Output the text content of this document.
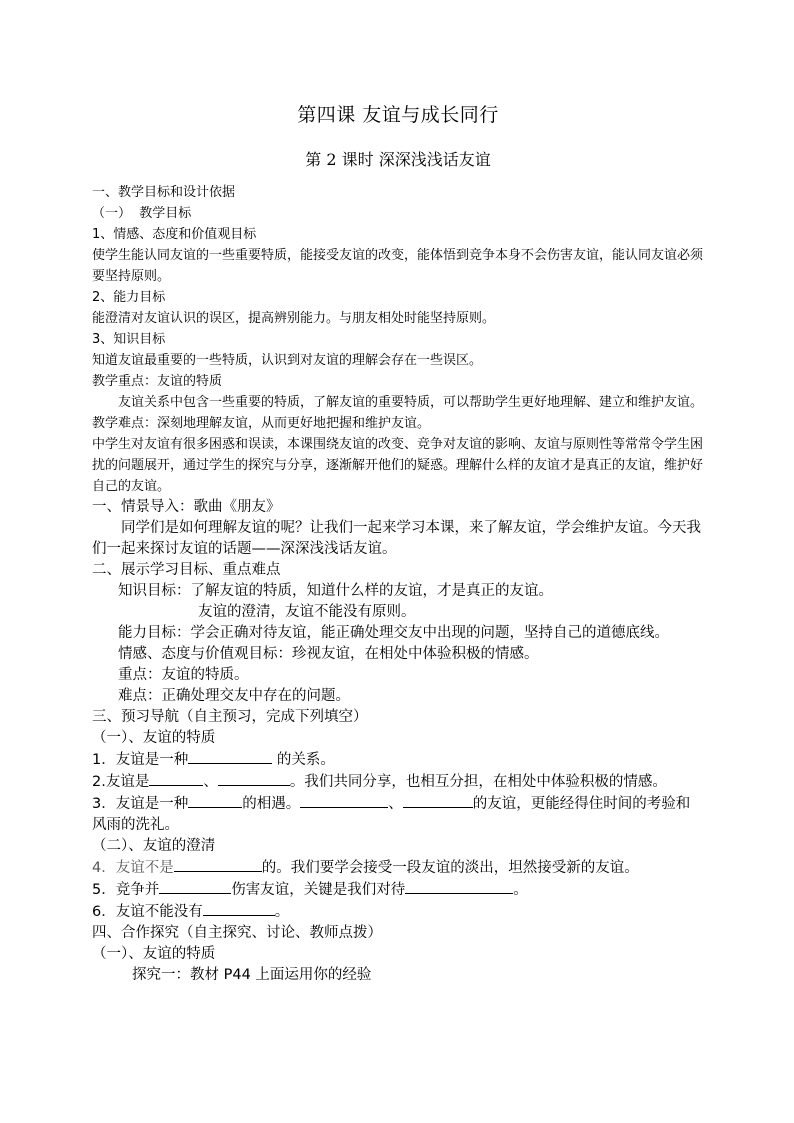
第四课 友谊与成长同行
第 2 课时 深深浅浅话友谊
一、教学目标和设计依据
（一）  教学目标
1、情感、态度和价值观目标
使学生能认同友谊的一些重要特质，能接受友谊的改变，能体悟到竞争本身不会伤害友谊，能认同友谊必须要坚持原则。
2、能力目标
能澄清对友谊认识的误区，提高辨别能力。与朋友相处时能坚持原则。
3、知识目标
知道友谊最重要的一些特质，认识到对友谊的理解会存在一些误区。
教学重点：友谊的特质
友谊关系中包含一些重要的特质，了解友谊的重要特质，可以帮助学生更好地理解、建立和维护友谊。
教学难点：深刻地理解友谊，从而更好地把握和维护友谊。
中学生对友谊有很多困惑和误读，本课围绕友谊的改变、竞争对友谊的影响、友谊与原则性等常常令学生困扰的问题展开，通过学生的探究与分享，逐渐解开他们的疑惑。理解什么样的友谊才是真正的友谊，维护好自己的友谊。
一、情景导入：歌曲《朋友》
同学们是如何理解友谊的呢？让我们一起来学习本课，来了解友谊，学会维护友谊。今天我们一起来探讨友谊的话题——深深浅浅话友谊。
二、展示学习目标、重点难点
知识目标：了解友谊的特质，知道什么样的友谊，才是真正的友谊。
友谊的澄清，友谊不能没有原则。
能力目标：学会正确对待友谊，能正确处理交友中出现的问题，坚持自己的道德底线。
情感、态度与价值观目标：珍视友谊，在相处中体验积极的情感。
重点：友谊的特质。
难点：正确处理交友中存在的问题。
三、预习导航（自主预习，完成下列填空）
（一）、友谊的特质
1．友谊是一种	的关系。
2.友谊是	、	。我们共同分享，也相互分担，在相处中体验积极的情感。
3．友谊是一种	的相遇。	、	的友谊，更能经得住时间的考验和风雨的洗礼。
（二）、友谊的澄清
4．友谊不是	的。我们要学会接受一段友谊的淡出，坦然接受新的友谊。
5．竞争并	伤害友谊，关键是我们对待	。
6．友谊不能没有	。
四、合作探究（自主探究、讨论、教师点拨）
（一）、友谊的特质
探究一：教材 P44 上面运用你的经验
